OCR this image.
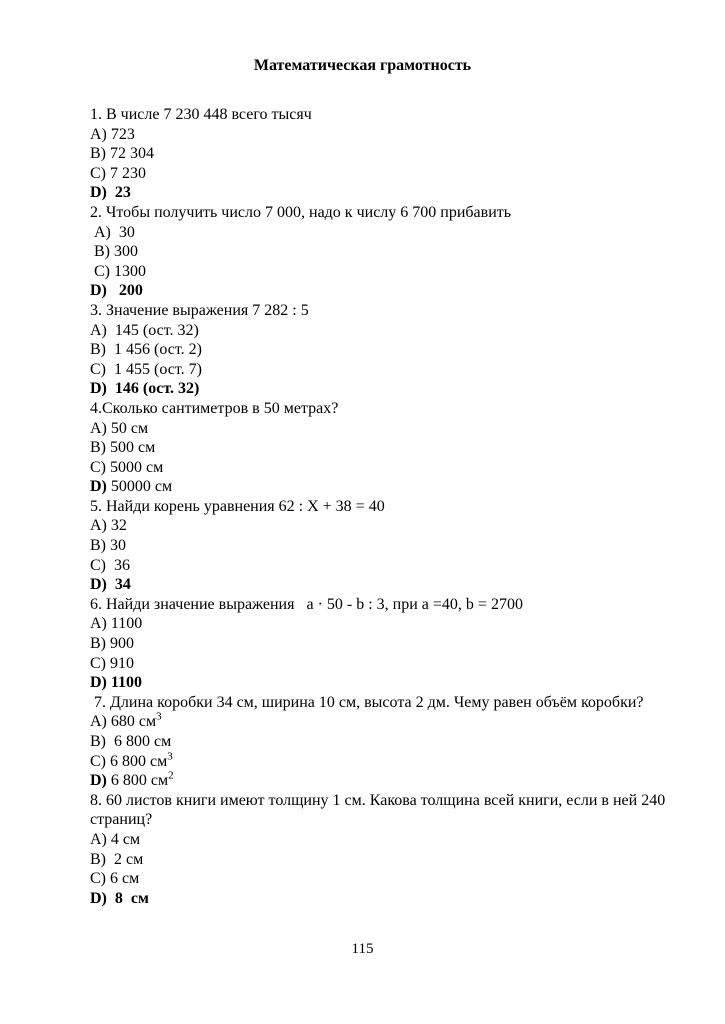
Математическая грамотность
1. В числе 7 230 448 всего тысяч
А) 723
В) 72 304
С) 7 230
D)  23
2. Чтобы получить число 7 000, надо к числу 6 700 прибавить
А)  30
В) 300
С) 1300
D)   200
3. Значение выражения 7 282 : 5
А)  145 (ост. 32)
В)  1 456 (ост. 2)
С)  1 455 (ост. 7)
D)  146 (ост. 32)
4.Сколько сантиметров в 50 метрах?
А) 50 см
В) 500 см
С) 5000 см
D) 50000 см
5. Найди корень уравнения 62 : Х + 38 = 40
А) 32
В) 30
С)  36
D)  34
6. Найди значение выражения   а · 50 - b : 3, при а =40, b = 2700
А) 1100
В) 900
С) 910
D) 1100
7. Длина коробки 34 см, ширина 10 см, высота 2 дм. Чему равен объём коробки?
А) 680 $см^3$
В)  6 800 см
С) 6 800 $см^3$
D) 6 800 $см^2$
8. 60 листов книги имеют толщину 1 см. Какова толщина всей книги, если в ней 240 страниц?
А) 4 см
В)  2 см
С) 6 см
D)  8  см
115
